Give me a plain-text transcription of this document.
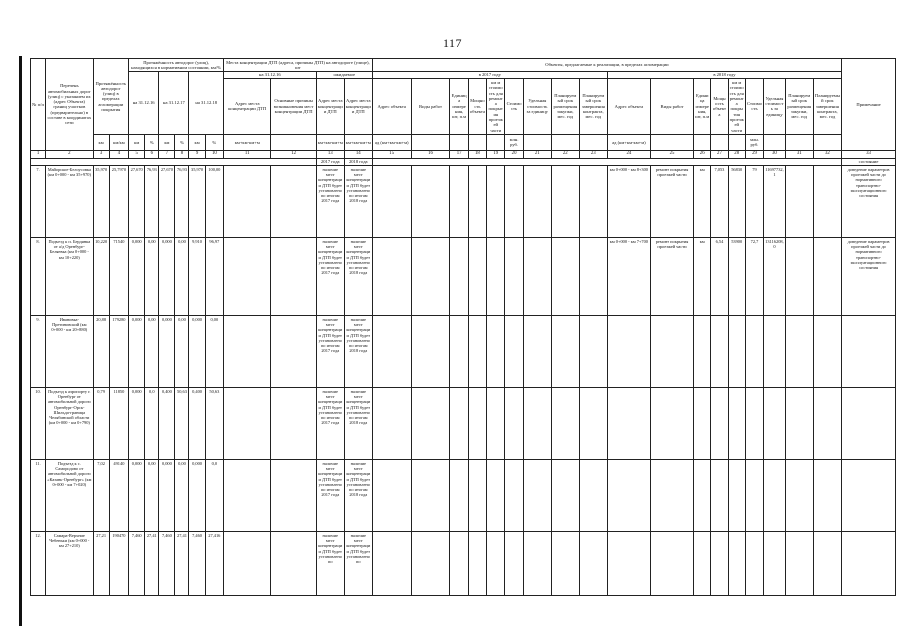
117
№ п/п	Перечень автомобильных дорог (улиц) с указанием их (адрес Объекта) границ участков (предварительно) в составе в координатах сети	Протяжённость автодорог (улиц) в пределах агломерации покрытия		Протяжённость автодорог (улиц), находящихся в нормативном состоянии, км/%						Места концентрации ДТП (адреса, причины ДТП) на автодороге (улице), шт				Объекты, предлагаемые к реализации, в пределах агломерации																		Примечание
				на 31.12.16		на 31.12.17		на 31.12.18		на 31.12.16		ожидаемое		в 2017 году									в 2018 году									
										Адрес места концентрации ДТП	Основные причины возникновения мест концентрации ДТП	Адрес места концентрации ДТП	Адрес места концентрации ДТП	Адрес объекта	Виды работ	Единица измерения, шт, п.м	Мощность объекта	км м стоимость для ремонта покрытия проезжей части	Стоимость	Удельная стоимость за единицу	Планируемый срок размещения закупки, мес. год	Планируемый срок завершения контракта, мес. год	Адрес объекта	Виды работ	Единица измерения, шт, п.м	Мощность объекта	км м стоимость для ремонта покрытия проезжей части	Стоимость	Удельная стоимость за единицу	Планируемый срок размещения закупки, мес. год	Планируемый срок завершения контракта, мес. год	
		км	км/км	км	%	км	%	км	%	км+км-км+м		км+км-км+м	км+км-км+м	ад (км+км-км+м)					млн. руб.				ад (км+км-км+м)					млн. руб.				
1	2	3	4	5	6	7	8	9	10	11	12	13	14	15	16	17	18	19	20	21	22	23	24	25	26	27	28	29	30	31	32	33
												2017 года	2018 года																			состояние
7.	Майорское-Белоусовка (км 0+000 - км 35+970)	35,970	25,7970	27,670	76,93	27,670	76,93	35,970	100,00			наличие мест концентрации ДТП будет установлено по итогам 2017 года	наличие мест концентрации ДТП будет установлено по итогам 2018 года										км 0+000 - км 8+300	ремонт покрытия проезжей части	км	7,053	56830	79	11697732,1			доведение параметров проезжей части до нормативного транспортно-эксплуатационного состояния
8.	Подъезд к п. Бердянка от а/д Оренбург-Беляевка (км 0+000 - км 10+220)	10,220	71540	0,000	0,00	0,000	0,00	9,910	96,97			наличие мест концентрации ДТП будет установлено по итогам 2017 года	наличие мест концентрации ДТП будет установлено по итогам 2018 года										км 0+000 - км 7+700	ремонт покрытия проезжей части	км	6,54	53900	72,7	13116208,0			доведение параметров проезжей части до нормативного транспортно-эксплуатационного состояния
9.	Ивановка-Претиновский (км 0+000 - км 20+880)	20,88	179280	0,000	0,00	0,000	0,00	0,000	0,00			наличие мест концентрации ДТП будет установлено по итогам 2017 года	наличие мест концентрации ДТП будет установлено по итогам 2018 года																			
10.	Подъезд к аэропорту г. Оренбург от автомобильной дороги Оренбург-Орск-Шильда-граница Челябинской области (км 0+000 - км 0+790)	0,79	11850	0,000	0,0	0,400	50,63	0,400	50,63			наличие мест концентрации ДТП будет установлено по итогам 2017 года	наличие мест концентрации ДТП будет установлено по итогам 2018 года																			
11.	Подъезд к с. Самородово от автомобильной дороги «Казань-Оренбург» (км 0+000 - км 7+020)	7,02	49140	0,000	0,00	0,000	0,00	0,000	0,0			наличие мест концентрации ДТП будет установлено по итогам 2017 года	наличие мест концентрации ДТП будет установлено по итогам 2018 года																			
12.	Самара-Верхние Чебеньки (км 0+000 - км 27+210)	27,21	190470	7,460	27,41	7,460	27,41	7,460	27,416			наличие мест концентрации ДТП будет установлено по	наличие мест концентрации ДТП будет установлено по																			
